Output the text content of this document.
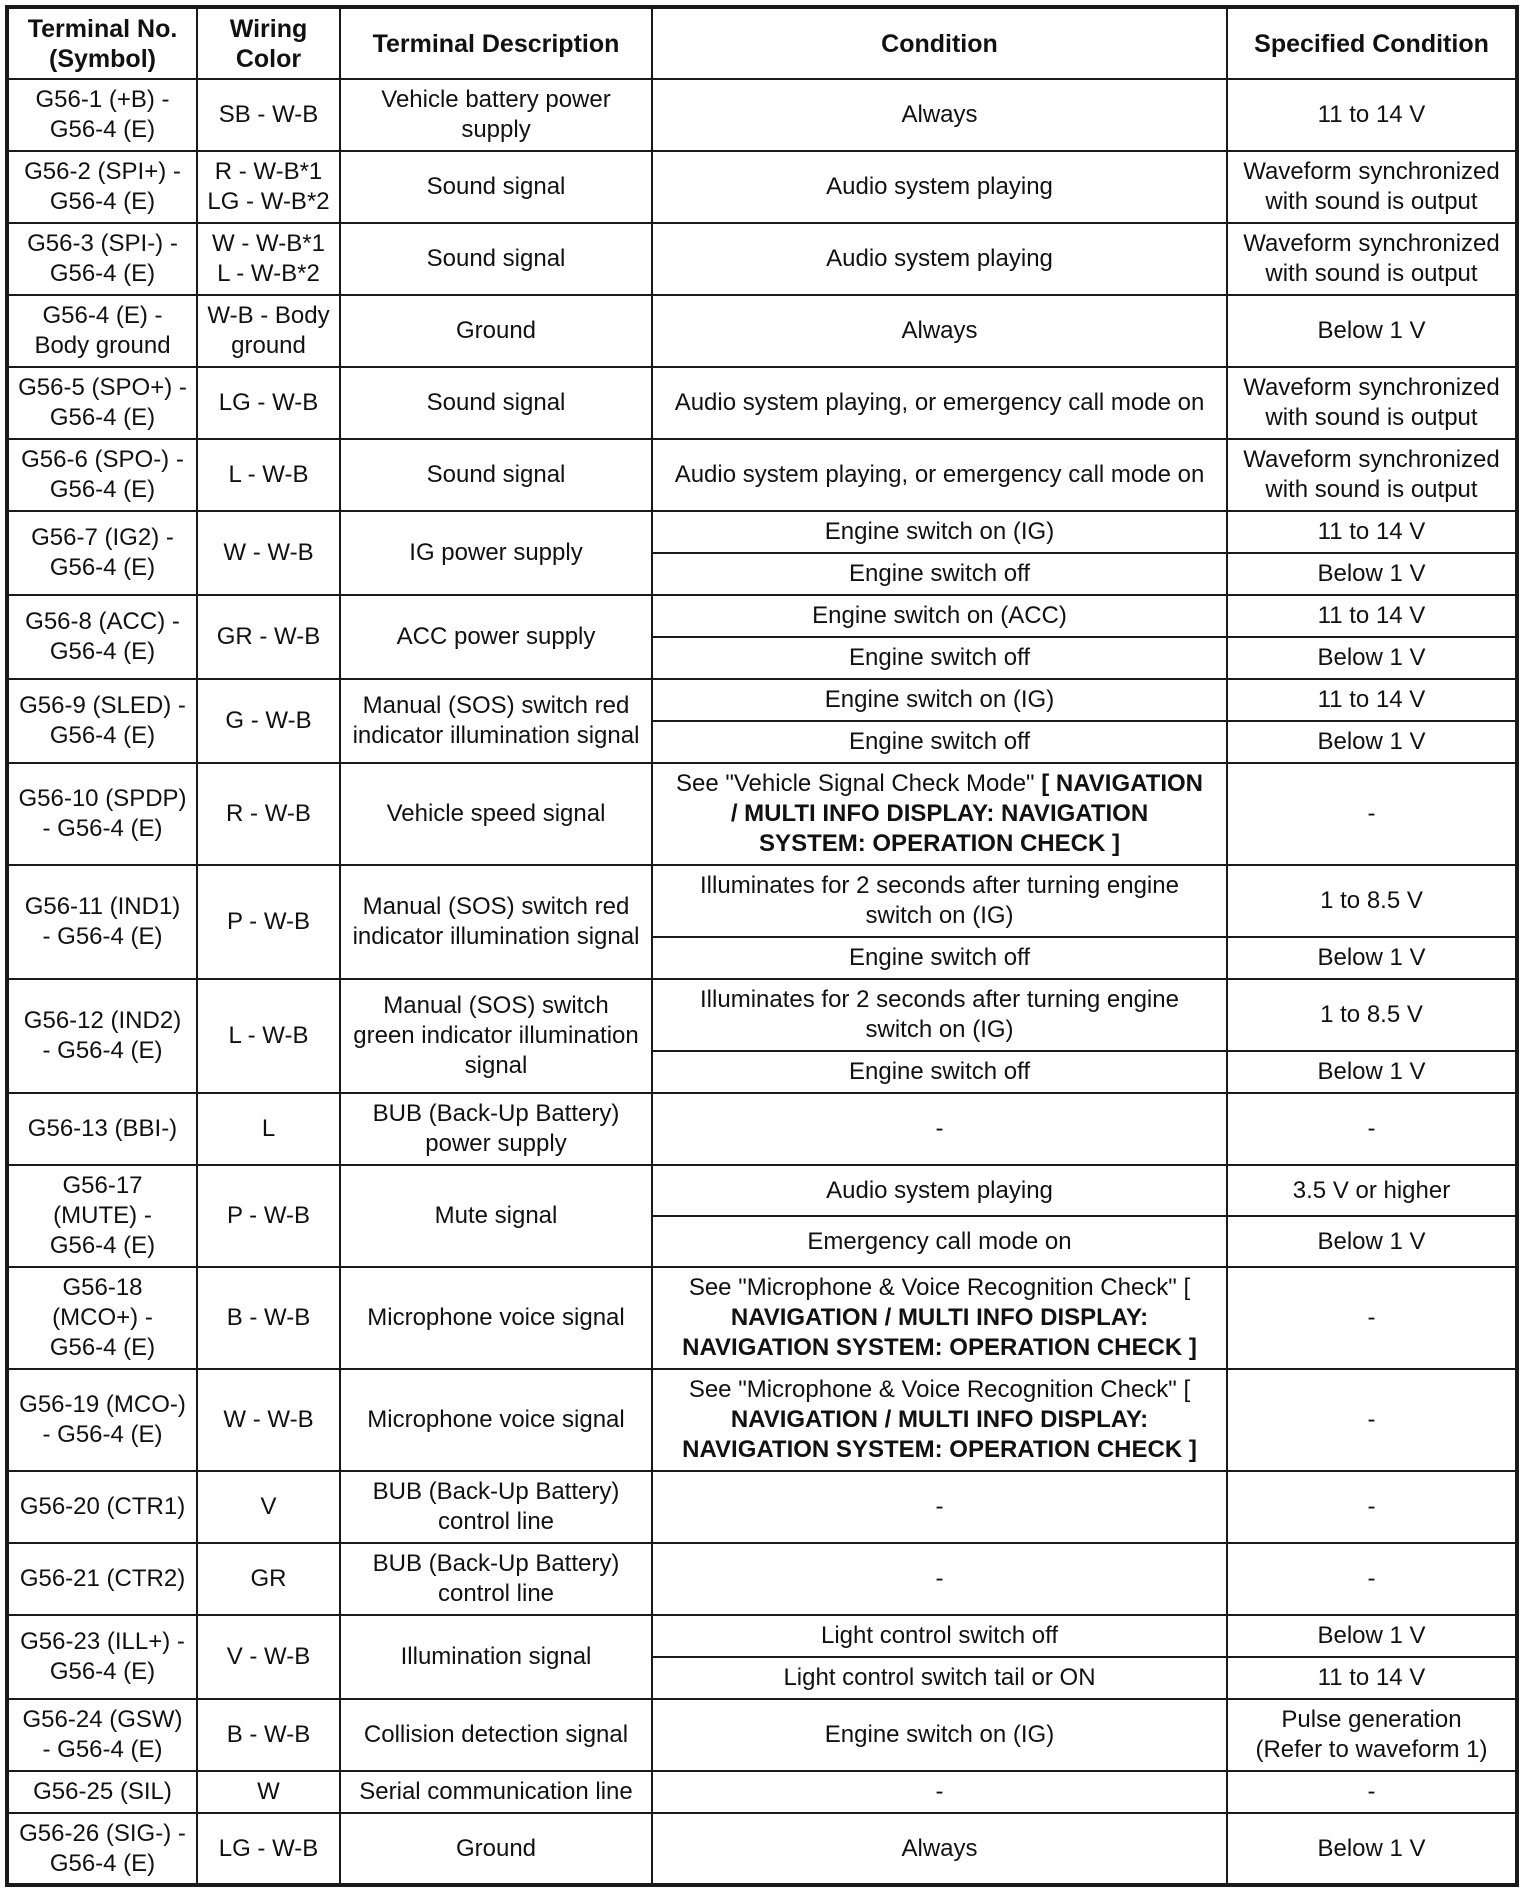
Terminal No. (Symbol)	Wiring Color	Terminal Description	Condition	Specified Condition

G56-1 (+B) -
G56-4 (E)	SB - W-B	Vehicle battery power
supply	Always	11 to 14 V

G56-2 (SPI+) -
G56-4 (E)	R - W-B*1
LG - W-B*2	Sound signal	Audio system playing	Waveform synchronized
with sound is output

G56-3 (SPI-) -
G56-4 (E)	W - W-B*1
L - W-B*2	Sound signal	Audio system playing	Waveform synchronized
with sound is output

G56-4 (E) -
Body ground	W-B - Body
ground	Ground	Always	Below 1 V

G56-5 (SPO+) -
G56-4 (E)	LG - W-B	Sound signal	Audio system playing, or emergency call mode on	Waveform synchronized
with sound is output

G56-6 (SPO-) -
G56-4 (E)	L - W-B	Sound signal	Audio system playing, or emergency call mode on	Waveform synchronized
with sound is output

G56-7 (IG2) -
G56-4 (E)	W - W-B	IG power supply	Engine switch on (IG)	11 to 14 V

			Engine switch off	Below 1 V

G56-8 (ACC) -
G56-4 (E)	GR - W-B	ACC power supply	Engine switch on (ACC)	11 to 14 V

			Engine switch off	Below 1 V

G56-9 (SLED) -
G56-4 (E)	G - W-B	Manual (SOS) switch red
indicator illumination signal	Engine switch on (IG)	11 to 14 V

			Engine switch off	Below 1 V

G56-10 (SPDP)
- G56-4 (E)	R - W-B	Vehicle speed signal	See "Vehicle Signal Check Mode" [ NAVIGATION
/ MULTI INFO DISPLAY: NAVIGATION
SYSTEM: OPERATION CHECK ]	-

G56-11 (IND1)
- G56-4 (E)	P - W-B	Manual (SOS) switch red
indicator illumination signal	Illuminates for 2 seconds after turning engine
switch on (IG)	1 to 8.5 V

			Engine switch off	Below 1 V

G56-12 (IND2)
- G56-4 (E)	L - W-B	Manual (SOS) switch
green indicator illumination
signal	Illuminates for 2 seconds after turning engine
switch on (IG)	1 to 8.5 V

			Engine switch off	Below 1 V

G56-13 (BBI-)	L	BUB (Back-Up Battery)
power supply	-	-

G56-17
(MUTE) -
G56-4 (E)	P - W-B	Mute signal	Audio system playing	3.5 V or higher

			Emergency call mode on	Below 1 V

G56-18
(MCO+) -
G56-4 (E)	B - W-B	Microphone voice signal	See "Microphone & Voice Recognition Check" [
NAVIGATION / MULTI INFO DISPLAY:
NAVIGATION SYSTEM: OPERATION CHECK ]	-

G56-19 (MCO-)
- G56-4 (E)	W - W-B	Microphone voice signal	See "Microphone & Voice Recognition Check" [
NAVIGATION / MULTI INFO DISPLAY:
NAVIGATION SYSTEM: OPERATION CHECK ]	-

G56-20 (CTR1)	V	BUB (Back-Up Battery)
control line	-	-

G56-21 (CTR2)	GR	BUB (Back-Up Battery)
control line	-	-

G56-23 (ILL+) -
G56-4 (E)	V - W-B	Illumination signal	Light control switch off	Below 1 V

			Light control switch tail or ON	11 to 14 V

G56-24 (GSW)
- G56-4 (E)	B - W-B	Collision detection signal	Engine switch on (IG)	Pulse generation
(Refer to waveform 1)

G56-25 (SIL)	W	Serial communication line	-	-

G56-26 (SIG-) -
G56-4 (E)	LG - W-B	Ground	Always	Below 1 V
